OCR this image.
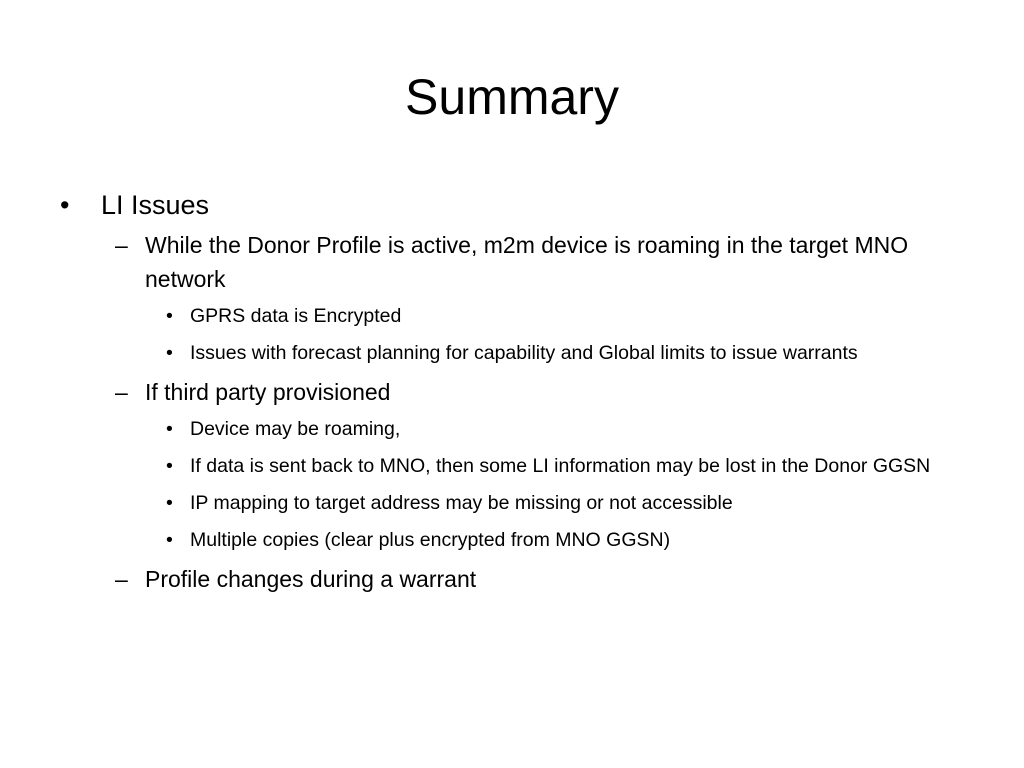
Summary
•	LI Issues
– While the Donor Profile is active, m2m device is roaming in the target MNO network
• GPRS data is Encrypted
• Issues with forecast planning for capability and Global limits to issue warrants
– If third party provisioned
• Device may be roaming,
• If data is sent back to MNO, then some LI information may be lost in the Donor GGSN
• IP mapping to target address may be missing or not accessible
• Multiple copies (clear plus encrypted from MNO GGSN)
– Profile changes during a warrant
